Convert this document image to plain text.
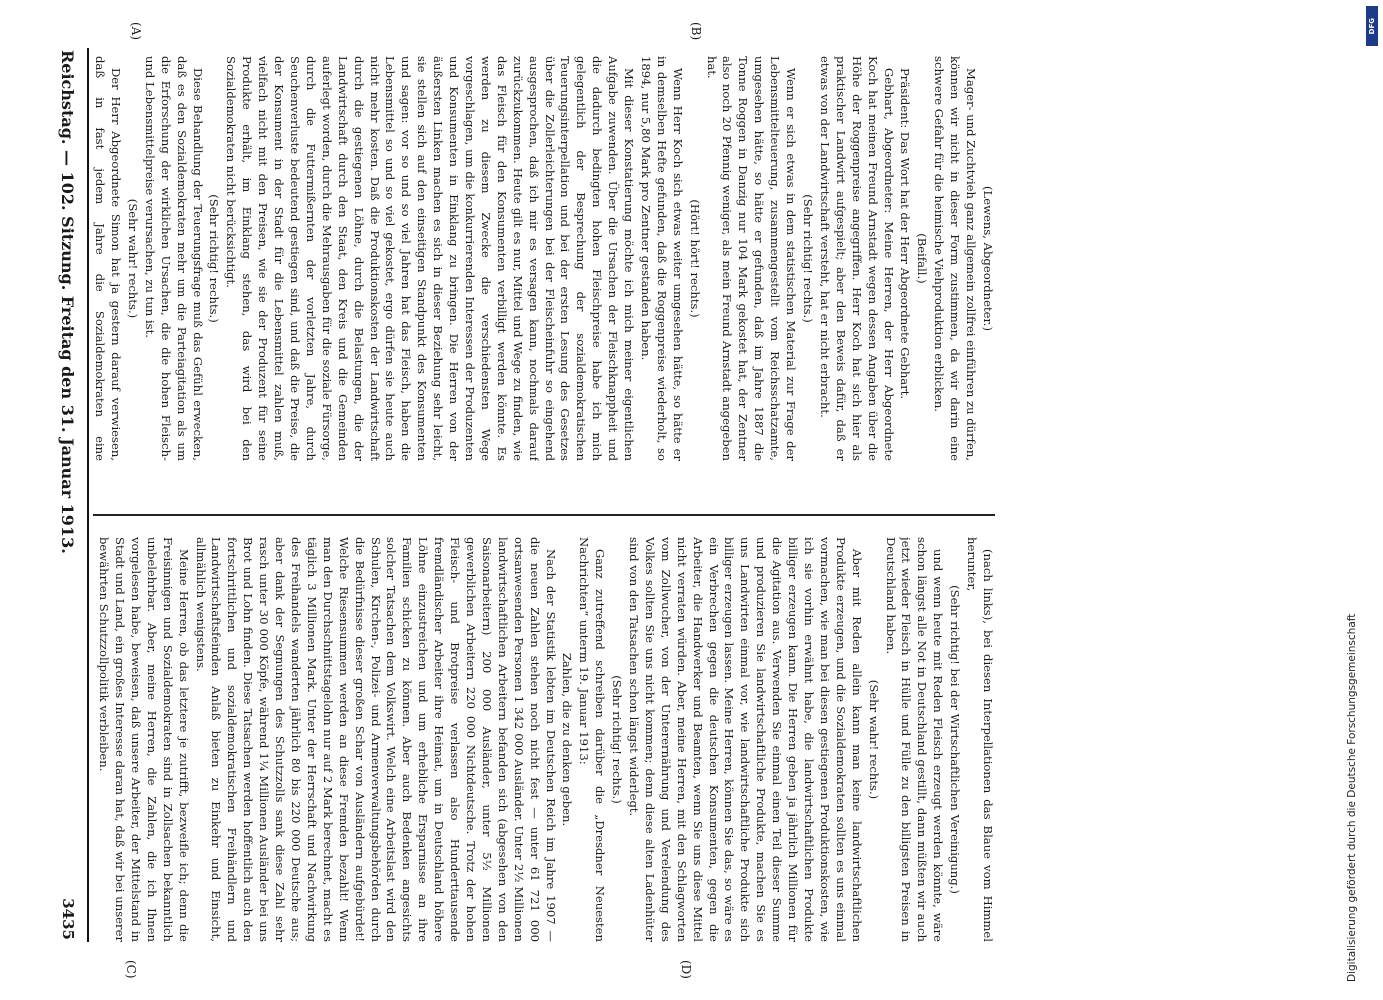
Reichstag. — 102. Sitzung. Freitag den 31. Januar 1913.
3435

(Lewens, Abgeordneter.)

Mager- und Zuchtvieh ganz allgemein zollfrei einführen zu dürfen, können wir nicht in dieser Form zustimmen, da wir darin eine schwere Gefahr für die heimische Viehproduktion erblicken.

(Beifall.)

Präsident: Das Wort hat der Herr Abgeordnete Gebhart.

Gebhart, Abgeordneter: Meine Herren, der Herr Abgeordnete Koch hat meinen Freund Arnstadt wegen dessen Angaben über die Höhe der Roggenpreise angegriffen. Herr Koch hat sich hier als praktischer Landwirt aufgespielt; aber den Beweis dafür, daß er etwas von der Landwirtschaft versteht, hat er nicht erbracht.

(Sehr richtig! rechts.)

Wenn er sich etwas in dem statistischen Material zur Frage der Lebensmittelteuerung, zusammengestellt vom Reichsschatzamte, umgesehen hätte, so hätte er gefunden, daß im Jahre 1887 die Tonne Roggen in Danzig nur 104 Mark gekostet hat, der Zentner also noch 20 Pfennig weniger, als mein Freund Arnstadt angegeben hat.

(Hört! hört! rechts.)

Wenn Herr Koch sich etwas weiter umgesehen hätte, so hätte er in demselben Hefte gefunden, daß die Roggenpreise wiederholt, so 1894, nur 5,80 Mark pro Zentner gestanden haben.

Mit dieser Konstatierung möchte ich mich meiner eigentlichen Aufgabe zuwenden. Über die Ursachen der Fleischknappheit und die dadurch bedingten hohen Fleischpreise habe ich mich gelegentlich der Besprechung der sozialdemokratischen Teuerungsinterpellation und bei der ersten Lesung des Gesetzes über die Zollerleichterungen bei der Fleischeinfuhr so eingehend ausgesprochen, daß ich mir es versagen kann, nochmals darauf zurückzukommen. Heute gilt es nur, Mittel und Wege zu finden, wie das Fleisch für den Konsumenten verbilligt werden könnte. Es werden zu diesem Zwecke die verschiedensten Wege vorgeschlagen, um die konkurrierenden Interessen der Produzenten und Konsumenten in Einklang zu bringen. Die Herren von der äußersten Linken machen es sich in dieser Beziehung sehr leicht, sie stellen sich auf den einseitigen Standpunkt des Konsumenten und sagen: vor so und so viel Jahren hat das Fleisch, haben die Lebensmittel so und so viel gekostet, ergo dürfen sie heute auch nicht mehr kosten. Daß die Produktionskosten der Landwirtschaft durch die gestiegenen Löhne, durch die Belastungen, die der Landwirtschaft durch den Staat, den Kreis und die Gemeinden auferlegt worden, durch die Mehrausgaben für die soziale Fürsorge, durch die Futtermißernten der vorletzten Jahre, durch Seuchenverluste bedeutend gestiegen sind, und daß die Preise, die der Konsument in der Stadt für die Lebensmittel zahlen muß, vielfach nicht mit den Preisen, wie sie der Produzent für seine Produkte erhält, im Einklang stehen, das wird bei den Sozialdemokraten nicht berücksichtigt.

(Sehr richtig! rechts.)

Diese Behandlung der Teuerungsfrage muß das Gefühl erwecken, daß es den Sozialdemokraten mehr um die Parteiagitation als um die Erforschung der wirklichen Ursachen, die die hohen Fleisch- und Lebensmittelpreise verursachen, zu tun ist.

(Sehr wahr! rechts.)

Der Herr Abgeordnete Simon hat ja gestern darauf verwiesen, daß in fast jedem Jahre die Sozialdemokraten eine

(nach links), bei diesen Interpellationen das Blaue vom Himmel herunter,

(Sehr richtig! bei der Wirtschaftlichen Vereinigung.)

und wenn heute mit Reden Fleisch erzeugt werden könnte, wäre schon längst alle Not in Deutschland gestillt, dann müßten wir auch jetzt wieder Fleisch in Hülle und Fülle zu den billigsten Preisen in Deutschland haben.

(Sehr wahr! rechts.)

Aber mit Reden allein kann man keine landwirtschaftlichen Produkte erzeugen, und die Sozialdemokraten sollten es uns einmal vormachen, wie man bei diesen gestiegenen Produktionskosten, wie ich sie vorhin erwähnt habe, die landwirtschaftlichen Produkte billiger erzeugen kann. Die Herren geben ja jährlich Millionen für die Agitation aus. Verwenden Sie einmal einen Teil dieser Summe und produzieren Sie landwirtschaftliche Produkte, machen Sie es uns Landwirten einmal vor, wie landwirtschaftliche Produkte sich billiger erzeugen lassen. Meine Herren, können Sie das, so wäre es ein Verbrechen gegen die deutschen Konsumenten, gegen die Arbeiter, die Handwerker und Beamten, wenn Sie uns diese Mittel nicht verraten würden. Aber, meine Herren, mit den Schlagworten vom Zollwucher, von der Unterernährung und Verelendung des Volkes sollten Sie uns nicht kommen; denn diese alten Ladenhüter sind von den Tatsachen schon längst widerlegt.

(Sehr richtig! rechts.)

Ganz zutreffend schreiben darüber die „Dresdner Neuesten Nachrichten“ unterm 19. Januar 1913:

Zahlen, die zu denken geben.

Nach der Statistik lebten im Deutschen Reich im Jahre 1907 — die neuen Zahlen stehen noch nicht fest — unter 61 721 000 ortsanwesenden Personen 1 342 000 Ausländer. Unter 2½ Millionen landwirtschaftlichen Arbeitern befanden sich (abgesehen von den Saisonarbeitern) 200 000 Ausländer, unter 5½ Millionen gewerblichen Arbeitern 220 000 Nichtdeutsche. Trotz der hohen Fleisch- und Brotpreise verlassen also Hunderttausende fremdländischer Arbeiter ihre Heimat, um in Deutschland höhere Löhne einzustreichen und um erhebliche Ersparnisse an ihre Familien schicken zu können. Aber auch Bedenken angesichts solcher Tatsachen dem Volkswirt. Welch eine Arbeitslast wird den Schulen, Kirchen-, Polizei- und Armenverwaltungsbehörden durch die Bedürfnisse dieser großen Schar von Ausländern aufgebürdet! Welche Riesensummen werden an diese Fremden bezahlt! Wenn man den Durchschnittstagelohn nur auf 2 Mark berechnet, macht es täglich 3 Millionen Mark. Unter der Herrschaft und Nachwirkung des Freihandels wanderten jährlich 80 bis 220 000 Deutsche aus; aber dank der Segnungen des Schutzzolls sank diese Zahl sehr rasch unter 30 000 Köpfe, während 1¼ Millionen Ausländer bei uns Brot und Lohn finden. Diese Tatsachen werden hoffentlich auch den fortschrittlichen und sozialdemokratischen Freihändlern und Landwirtschaftsfeinden Anlaß bieten zu Einkehr und Einsicht, allmählich wenigstens.

Meine Herren, ob das letztere je zutrifft, bezweifle ich; denn die Freisinnigen und Sozialdemokraten sind in Zollsachen bekanntlich unbelehrbar. Aber, meine Herren, die Zahlen, die ich Ihnen vorgelesen habe, beweisen, daß unsere Arbeiter, der Mittelstand in Stadt und Land, ein großes Interesse daran hat, daß wir bei unserer bewährten Schutzzollpolitik verbleiben.

(A)	(B)
(C)	(D)
DFG
Digitalisierung gefördert durch die Deutsche Forschungsgemeinschaft
